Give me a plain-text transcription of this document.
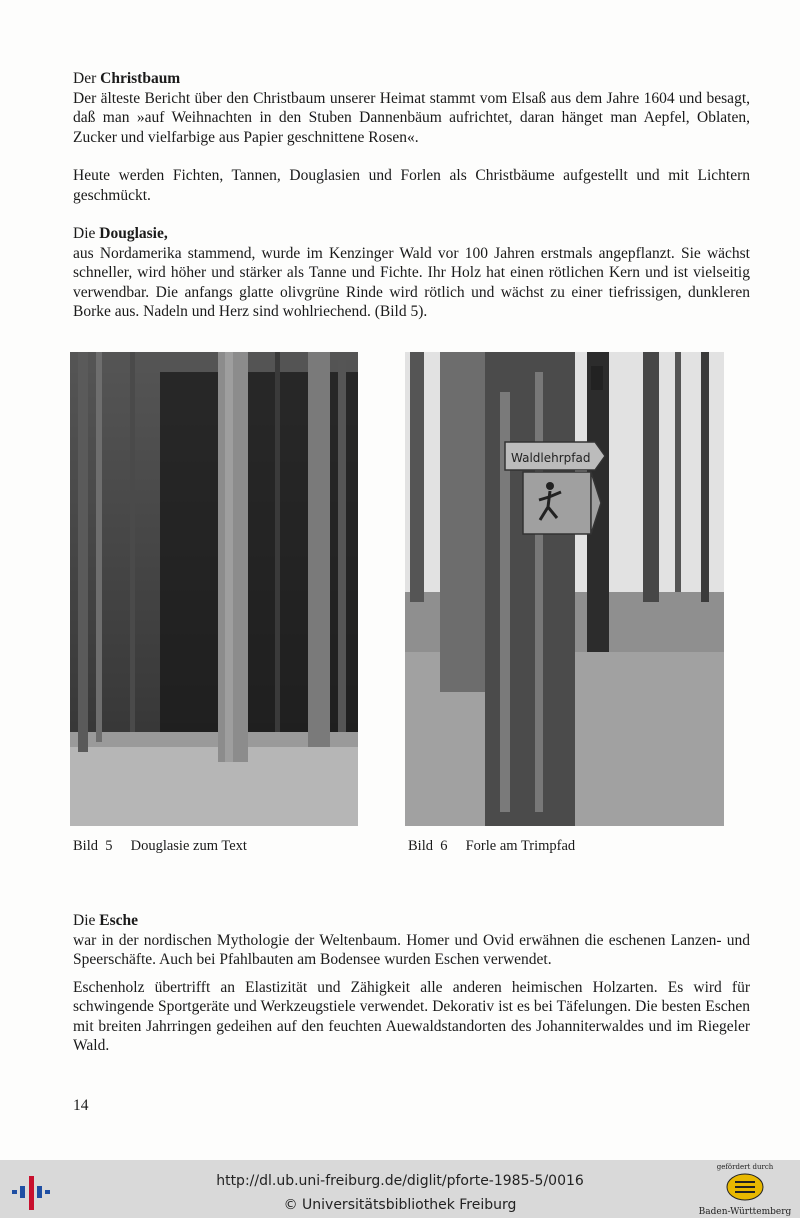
Der Christbaum

Der älteste Bericht über den Christbaum unserer Heimat stammt vom Elsaß aus dem Jahre 1604 und besagt, daß man »auf Weihnachten in den Stuben Dannenbäum aufrichtet, daran hänget man Aepfel, Oblaten, Zucker und vielfarbige aus Papier geschnittene Rosen«.

Heute werden Fichten, Tannen, Douglasien und Forlen als Christbäume aufgestellt und mit Lichtern geschmückt.

Die Douglasie,

aus Nordamerika stammend, wurde im Kenzinger Wald vor 100 Jahren erstmals angepflanzt. Sie wächst schneller, wird höher und stärker als Tanne und Fichte. Ihr Holz hat einen rötlichen Kern und ist vielseitig verwendbar. Die anfangs glatte olivgrüne Rinde wird rötlich und wächst zu einer tiefrissigen, dunkleren Borke aus. Nadeln und Herz sind wohlriechend. (Bild 5).

Waldlehrpfad
Bild  5     Douglasie zum Text	Bild  6     Forle am Trimpfad
Die Esche

war in der nordischen Mythologie der Weltenbaum. Homer und Ovid erwähnen die eschenen Lanzen- und Speerschäfte. Auch bei Pfahlbauten am Bodensee wurden Eschen verwendet.

Eschenholz übertrifft an Elastizität und Zähigkeit alle anderen heimischen Holzarten. Es wird für schwingende Sportgeräte und Werkzeugstiele verwendet. Dekorativ ist es bei Täfelungen. Die besten Eschen mit breiten Jahrringen gedeihen auf den feuchten Auewaldstandorten des Johanniterwaldes und im Riegeler Wald.

14
http://dl.ub.uni-freiburg.de/diglit/pforte-1985-5/0016
© Universitätsbibliothek Freiburg
gefördert durch
Baden-Württemberg
